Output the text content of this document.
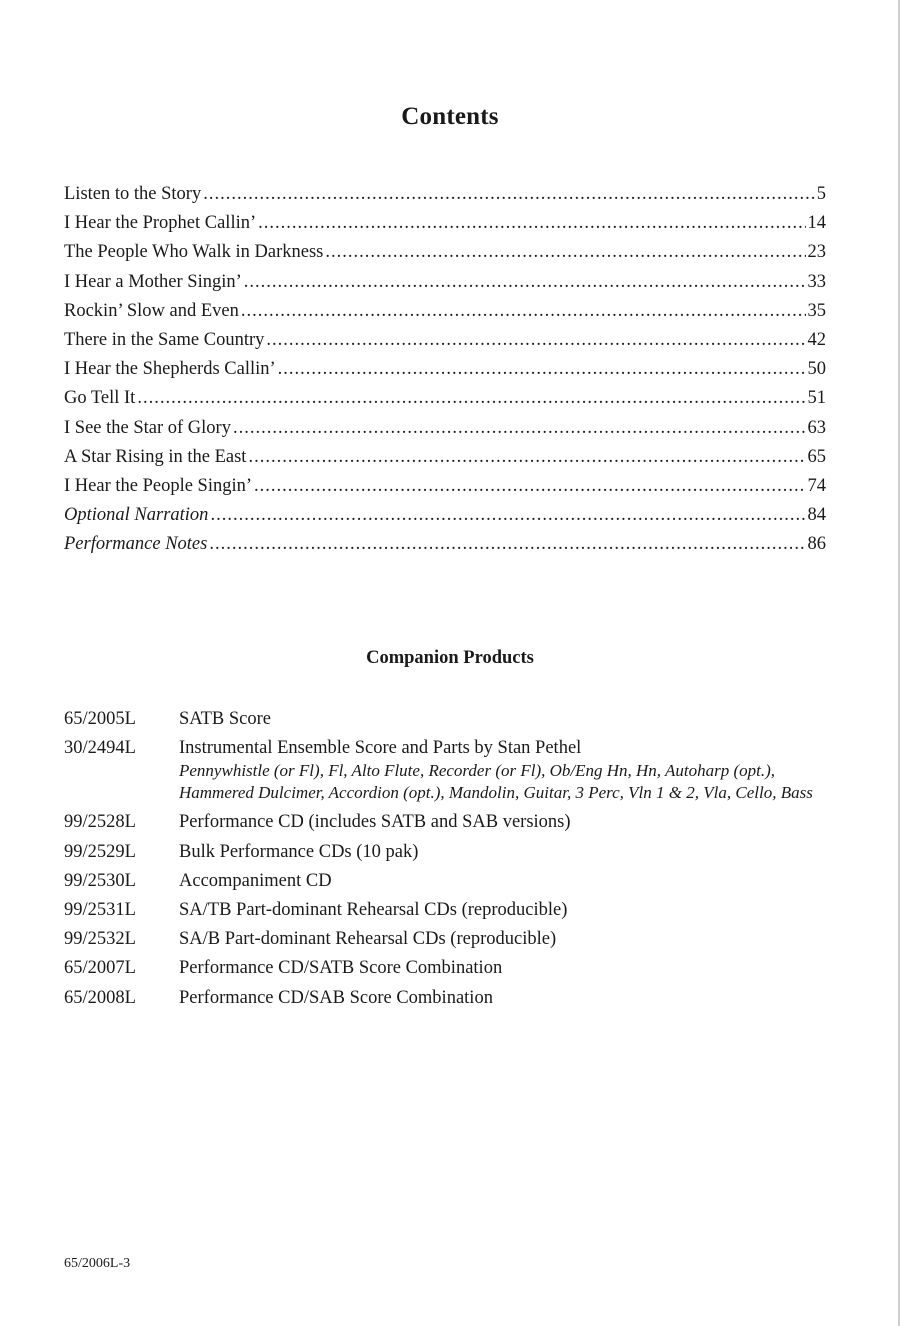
Contents
Listen to the Story .....	5
I Hear the Prophet Callin’ .....	14
The People Who Walk in Darkness .....	23
I Hear a Mother Singin’ .....	33
Rockin’ Slow and Even .....	35
There in the Same Country .....	42
I Hear the Shepherds Callin’ .....	50
Go Tell It .....	51
I See the Star of Glory .....	63
A Star Rising in the East .....	65
I Hear the People Singin’ .....	74
Optional Narration .....	84
Performance Notes .....	86
Companion Products
65/2005L	SATB Score
30/2494L	Instrumental Ensemble Score and Parts by Stan Pethel
Pennywhistle (or Fl), Fl, Alto Flute, Recorder (or Fl), Ob/Eng Hn, Hn, Autoharp (opt.), Hammered Dulcimer, Accordion (opt.), Mandolin, Guitar, 3 Perc, Vln 1 & 2, Vla, Cello, Bass
99/2528L	Performance CD (includes SATB and SAB versions)
99/2529L	Bulk Performance CDs (10 pak)
99/2530L	Accompaniment CD
99/2531L	SA/TB Part-dominant Rehearsal CDs (reproducible)
99/2532L	SA/B Part-dominant Rehearsal CDs (reproducible)
65/2007L	Performance CD/SATB Score Combination
65/2008L	Performance CD/SAB Score Combination
65/2006L-3
